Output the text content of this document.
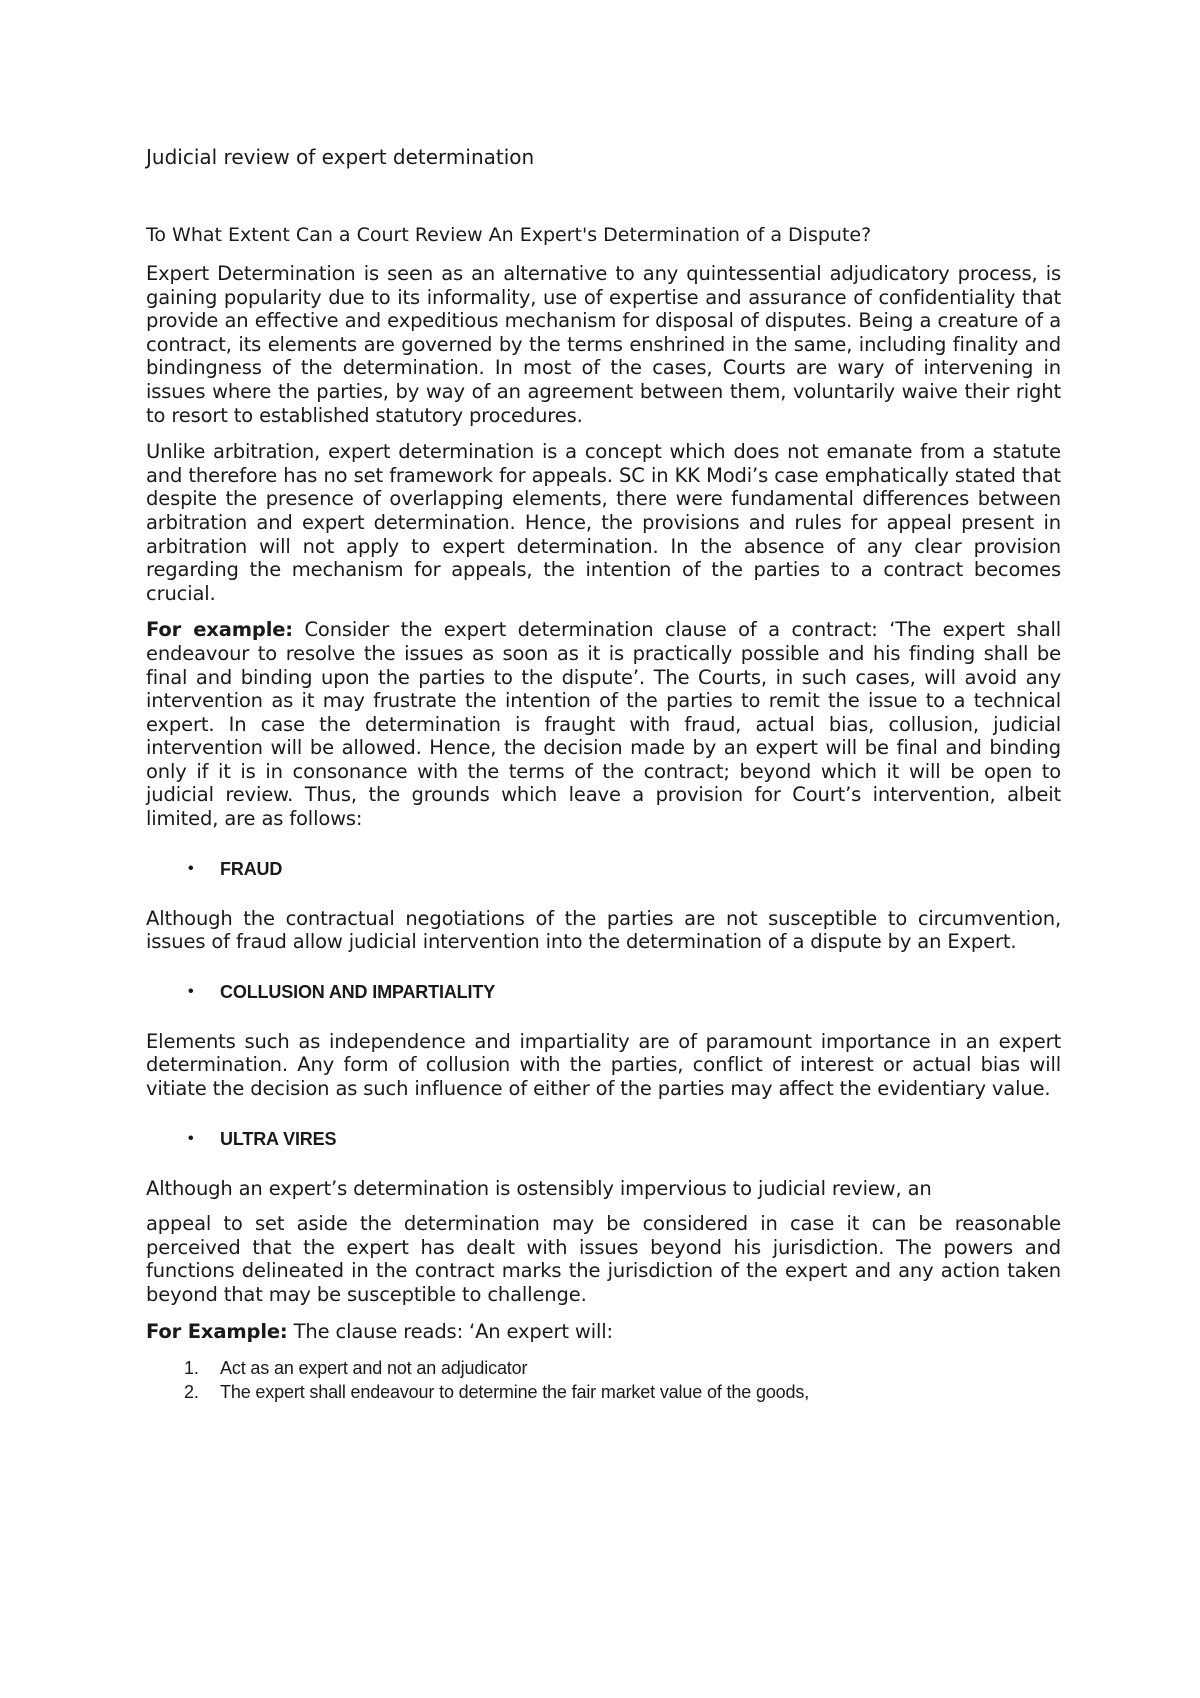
Judicial review of expert determination
To What Extent Can a Court Review An Expert's Determination of a Dispute?

Expert Determination is seen as an alternative to any quintessential adjudicatory process, is gaining popularity due to its informality, use of expertise and assurance of confidentiality that provide an effective and expeditious mechanism for disposal of disputes. Being a creature of a contract, its elements are governed by the terms enshrined in the same, including finality and bindingness of the determination. In most of the cases, Courts are wary of intervening in issues where the parties, by way of an agreement between them, voluntarily waive their right to resort to established statutory procedures.

Unlike arbitration, expert determination is a concept which does not emanate from a statute and therefore has no set framework for appeals. SC in KK Modi’s case emphatically stated that despite the presence of overlapping elements, there were fundamental differences between arbitration and expert determination. Hence, the provisions and rules for appeal present in arbitration will not apply to expert determination. In the absence of any clear provision regarding the mechanism for appeals, the intention of the parties to a contract becomes crucial.

For example: Consider the expert determination clause of a contract: ‘The expert shall endeavour to resolve the issues as soon as it is practically possible and his finding shall be final and binding upon the parties to the dispute’. The Courts, in such cases, will avoid any intervention as it may frustrate the intention of the parties to remit the issue to a technical expert. In case the determination is fraught with fraud, actual bias, collusion, judicial intervention will be allowed. Hence, the decision made by an expert will be final and binding only if it is in consonance with the terms of the contract; beyond which it will be open to judicial review. Thus, the grounds which leave a provision for Court’s intervention, albeit limited, are as follows:

• FRAUD

Although the contractual negotiations of the parties are not susceptible to circumvention, issues of fraud allow judicial intervention into the determination of a dispute by an Expert.

• COLLUSION AND IMPARTIALITY

Elements such as independence and impartiality are of paramount importance in an expert determination. Any form of collusion with the parties, conflict of interest or actual bias will vitiate the decision as such influence of either of the parties may affect the evidentiary value.

• ULTRA VIRES

Although an expert’s determination is ostensibly impervious to judicial review, an

appeal to set aside the determination may be considered in case it can be reasonable perceived that the expert has dealt with issues beyond his jurisdiction. The powers and functions delineated in the contract marks the jurisdiction of the expert and any action taken beyond that may be susceptible to challenge.

For Example: The clause reads: ‘An expert will:

1. Act as an expert and not an adjudicator
2. The expert shall endeavour to determine the fair market value of the goods,
